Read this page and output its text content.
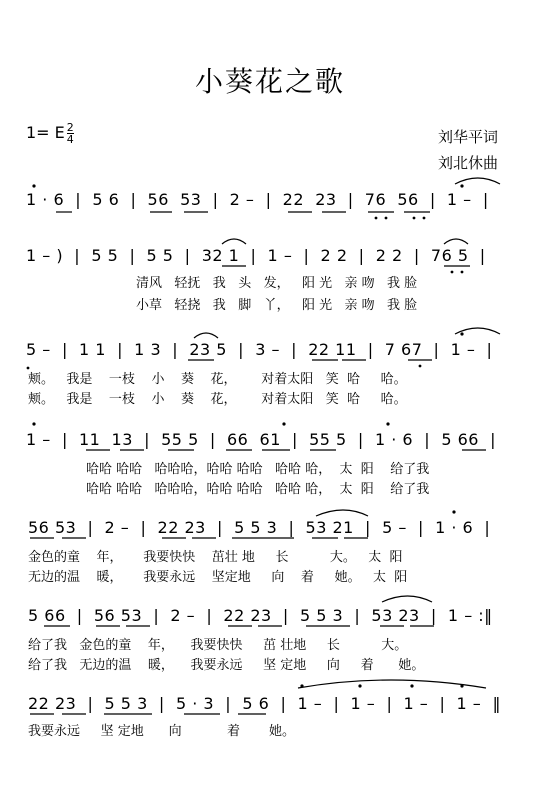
小葵花之歌
1= E $\frac{2}{4}$	刘华平词
刘北休曲
1 · 6  |  5 6  |  56  53  |  2 –  |  22  23  |  76  56  |  1 –  |
1 – )  |  5 5  |  5 5  |  32 1  |  1 –  |  2 2  |  2 2  |  76 5  |
清风   轻抚   我   头   发，   阳 光   亲 吻   我 脸
小草   轻挠   我   脚   丫，   阳 光   亲 吻   我 脸
5 –  |  1 1  |  1 3  |  23 5  |  3 –  |  22 11  |  7 67  |  1 –  |
颊。   我是    一枝    小    葵    花，      对着太阳   笑  哈     哈。
颊。   我是    一枝    小    葵    花，      对着太阳   笑  哈     哈。
1 –  |  11  13  |  55 5  |  66  61  |  55 5  |  1 · 6  |  5 66  |
哈哈 哈哈   哈哈哈，哈哈 哈哈   哈哈 哈，  太  阳    给了我
哈哈 哈哈   哈哈哈，哈哈 哈哈   哈哈 哈，  太  阳    给了我
56 53  |  2 –  |  22 23  |  5 5 3  |  53 21  |  5 –  |  1 · 6  |
金色的童    年，     我要快快    茁壮 地     长          大。   太  阳
无边的温    暖，     我要永远    坚定地     向    着     她。   太  阳
5 66  |  56 53  |  2 –  |  22 23  |  5 5 3  |  53 23  |  1 – :‖
给了我   金色的童    年，    我要快快     茁 壮地     长          大。
给了我   无边的温    暖，    我要永远     坚 定地     向     着      她。
22 23  |  5 5 3  |  5 · 3  |  5 6  |  1 –  |  1 –  |  1 –  |  1 –  ‖
我要永远     坚 定地      向           着       她。
